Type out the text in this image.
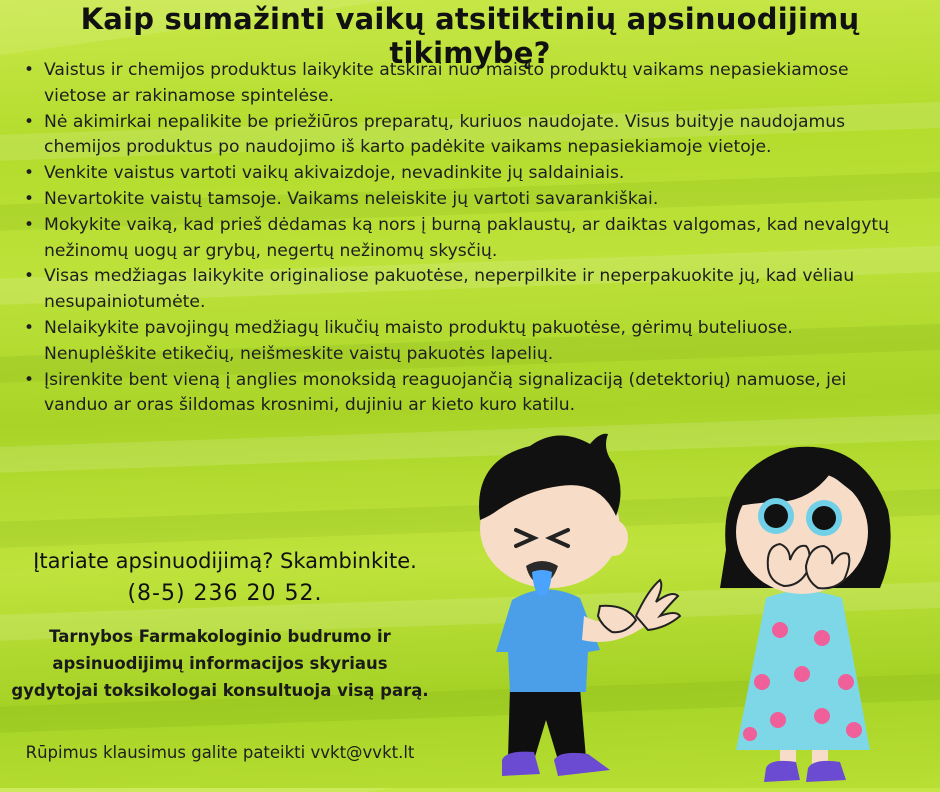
Kaip sumažinti vaikų atsitiktinių apsinuodijimų tikimybę?
• Vaistus ir chemijos produktus laikykite atskirai nuo maisto produktų vaikams nepasiekiamose vietose ar rakinamose spintelėse.
• Nė akimirkai nepalikite be priežiūros preparatų, kuriuos naudojate. Visus buityje naudojamus chemijos produktus po naudojimo iš karto padėkite vaikams nepasiekiamoje vietoje.
• Venkite vaistus vartoti vaikų akivaizdoje, nevadinkite jų saldainiais.
• Nevartokite vaistų tamsoje. Vaikams neleiskite jų vartoti savarankiškai.
• Mokykite vaiką, kad prieš dėdamas ką nors į burną paklaustų, ar daiktas valgomas, kad nevalgytų nežinomų uogų ar grybų, negertų nežinomų skysčių.
• Visas medžiagas laikykite originaliose pakuotėse, neperpilkite ir neperpakuokite jų, kad vėliau nesupainiotumėte.
• Nelaikykite pavojingų medžiagų likučių maisto produktų pakuotėse, gėrimų buteliuose. Nenuplėškite etikečių, neišmeskite vaistų pakuotės lapelių.
• Įsirenkite bent vieną į anglies monoksidą reaguojančią signalizaciją (detektorių) namuose, jei vanduo ar oras šildomas krosnimi, dujiniu ar kieto kuro katilu.
Įtariate apsinuodijimą? Skambinkite.
(8-5) 236 20 52.
Tarnybos Farmakologinio budrumo ir
apsinuodijimų informacijos skyriaus
gydytojai toksikologai konsultuoja visą parą.
Rūpimus klausimus galite pateikti vvkt@vvkt.lt
